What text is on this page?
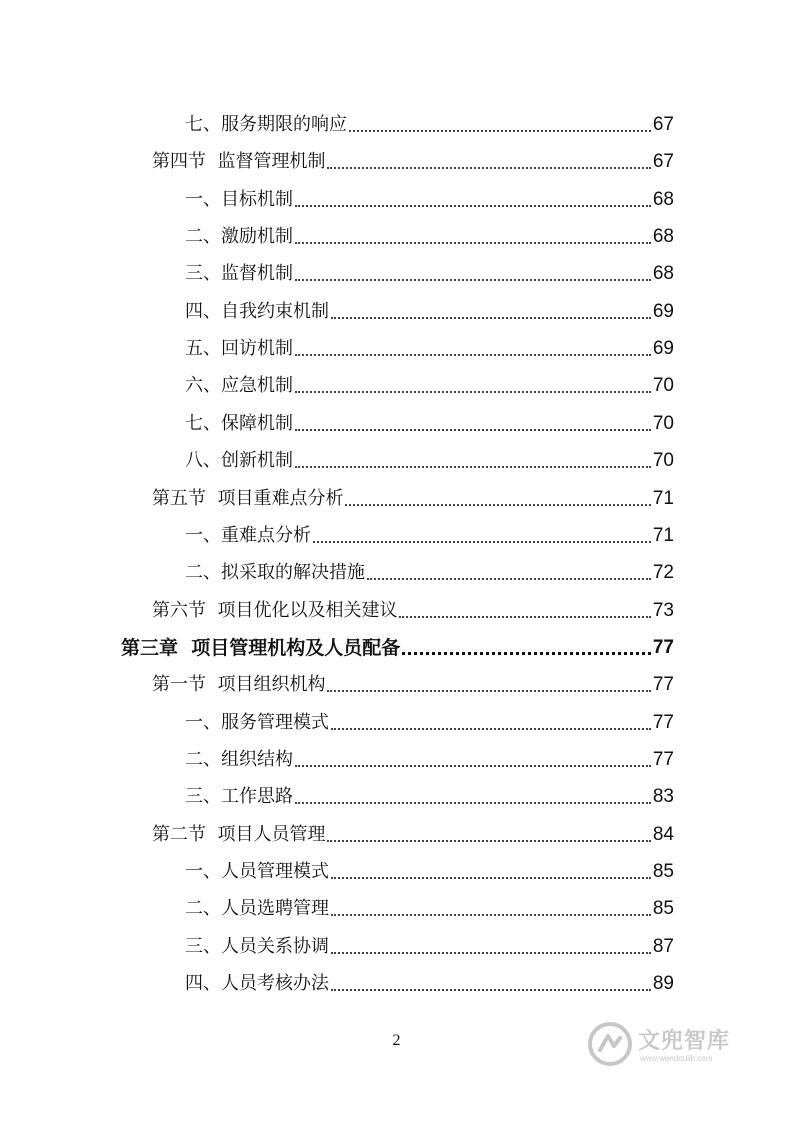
七、服务期限的响应	67
第四节  监督管理机制	67
一、目标机制	68
二、激励机制	68
三、监督机制	68
四、自我约束机制	69
五、回访机制	69
六、应急机制	70
七、保障机制	70
八、创新机制	70
第五节  项目重难点分析	71
一、重难点分析	71
二、拟采取的解决措施	72
第六节  项目优化以及相关建议	73
第三章  项目管理机构及人员配备	77
第一节  项目组织机构	77
一、服务管理模式	77
二、组织结构	77
三、工作思路	83
第二节  项目人员管理	84
一、人员管理模式	85
二、人员选聘管理	85
三、人员关系协调	87
四、人员考核办法	89
2	文兜智库
www.wendoulib.com
